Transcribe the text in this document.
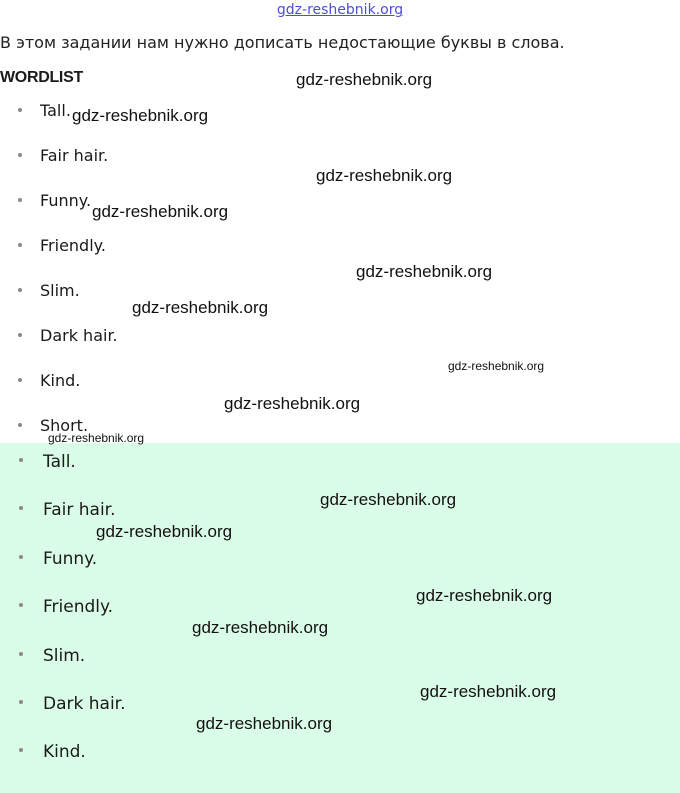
gdz-reshebnik.org
В этом задании нам нужно дописать недостающие буквы в слова.
WORDLIST
Tall.
Fair hair.
Funny.
Friendly.
Slim.
Dark hair.
Kind.
Short.
Tall.
Fair hair.
Funny.
Friendly.
Slim.
Dark hair.
Kind.
gdz-reshebnik.org
gdz-reshebnik.org
gdz-reshebnik.org
gdz-reshebnik.org
gdz-reshebnik.org
gdz-reshebnik.org
gdz-reshebnik.org
gdz-reshebnik.org
gdz-reshebnik.org
gdz-reshebnik.org
gdz-reshebnik.org
gdz-reshebnik.org
gdz-reshebnik.org
gdz-reshebnik.org
gdz-reshebnik.org
